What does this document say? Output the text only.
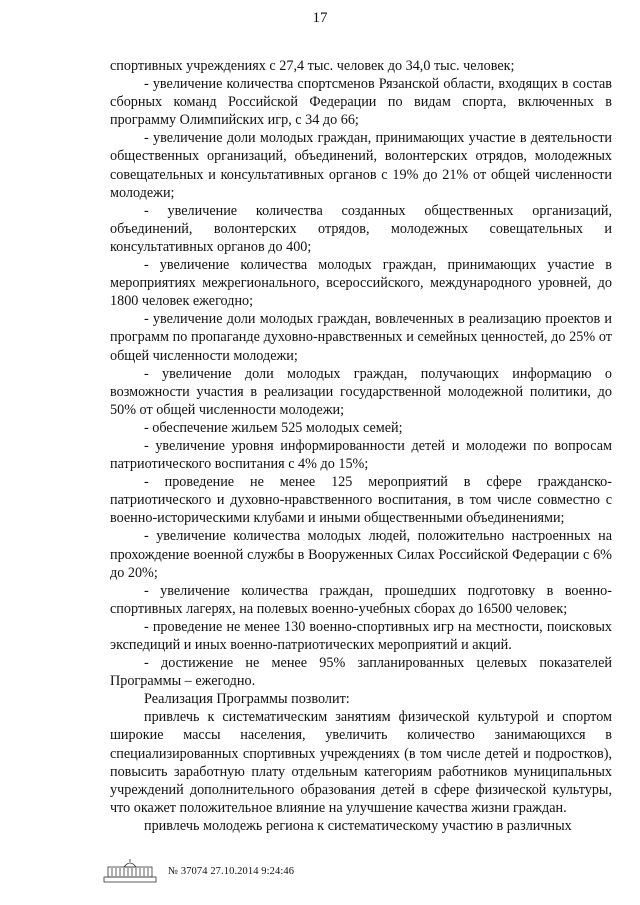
17

спортивных учреждениях с 27,4 тыс. человек до 34,0 тыс. человек;

- увеличение количества спортсменов Рязанской области, входящих в состав сборных команд Российской Федерации по видам спорта, включенных в программу Олимпийских игр, с 34 до 66;

- увеличение доли молодых граждан, принимающих участие в деятельности общественных организаций, объединений, волонтерских отрядов, молодежных совещательных и консультативных органов с 19% до 21% от общей численности молодежи;

- увеличение количества созданных общественных организаций, объединений, волонтерских отрядов, молодежных совещательных и консультативных органов до 400;

- увеличение количества молодых граждан, принимающих участие в мероприятиях межрегионального, всероссийского, международного уровней, до 1800 человек ежегодно;

- увеличение доли молодых граждан, вовлеченных в реализацию проектов и программ по пропаганде духовно-нравственных и семейных ценностей, до 25% от общей численности молодежи;

- увеличение доли молодых граждан, получающих информацию о возможности участия в реализации государственной молодежной политики, до 50% от общей численности молодежи;

- обеспечение жильем 525 молодых семей;

- увеличение уровня информированности детей и молодежи по вопросам патриотического воспитания с 4% до 15%;

- проведение не менее 125 мероприятий в сфере гражданско-патриотического и духовно-нравственного воспитания, в том числе совместно с военно-историческими клубами и иными общественными объединениями;

- увеличение количества молодых людей, положительно настроенных на прохождение военной службы в Вооруженных Силах Российской Федерации с 6% до 20%;

- увеличение количества граждан, прошедших подготовку в военно-спортивных лагерях, на полевых военно-учебных сборах до 16500 человек;

- проведение не менее 130 военно-спортивных игр на местности, поисковых экспедиций и иных военно-патриотических мероприятий и акций.

- достижение не менее 95% запланированных целевых показателей Программы – ежегодно.

Реализация Программы позволит:

привлечь к систематическим занятиям физической культурой и спортом широкие массы населения, увеличить количество занимающихся в специализированных спортивных учреждениях (в том числе детей и подростков), повысить заработную плату отдельным категориям работников муниципальных учреждений дополнительного образования детей в сфере физической культуры, что окажет положительное влияние на улучшение качества жизни граждан.

привлечь молодежь региона к систематическому участию в различных

№ 37074 27.10.2014 9:24:46
